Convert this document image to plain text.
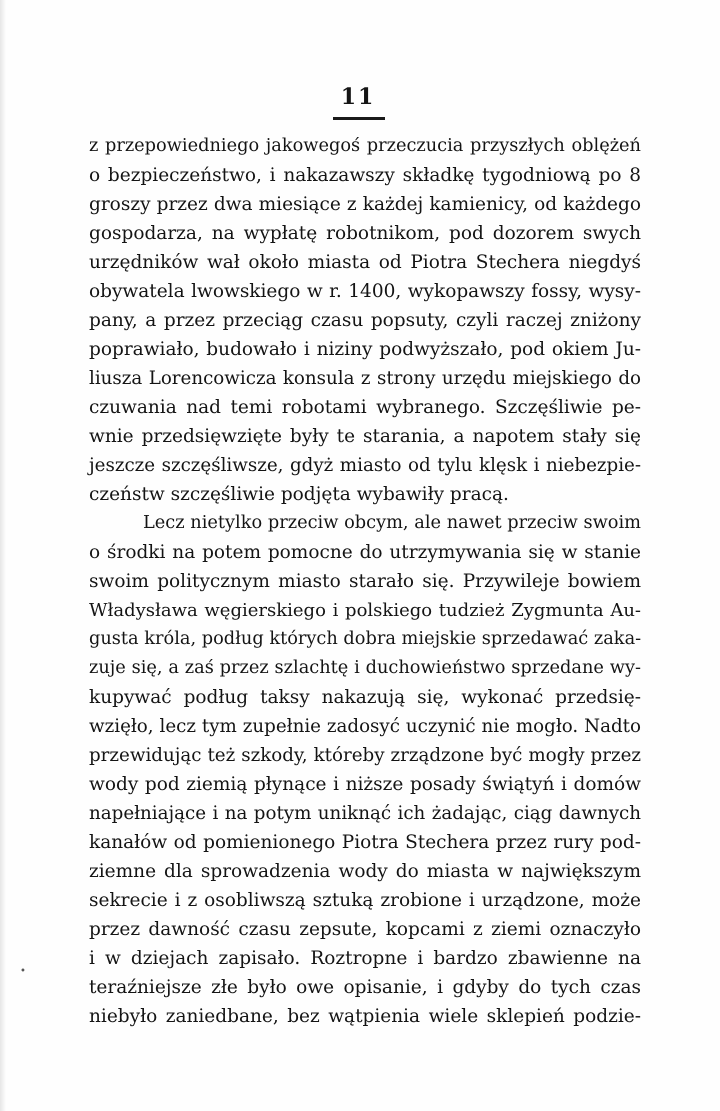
11
•
z przepowiedniego jakowegoś przeczucia przyszłych oblężeń
o bezpieczeństwo, i nakazawszy składkę tygodniową po 8
groszy przez dwa miesiące z każdej kamienicy, od każdego
gospodarza, na wypłatę robotnikom, pod dozorem swych
urzędników wał około miasta od Piotra Stechera niegdyś
obywatela lwowskiego w r. 1400, wykopawszy fossy, wysy-
pany, a przez przeciąg czasu popsuty, czyli raczej zniżony
poprawiało, budowało i niziny podwyższało, pod okiem Ju-
liusza Lorencowicza konsula z strony urzędu miejskiego do
czuwania nad temi robotami wybranego. Szczęśliwie pe-
wnie przedsięwzięte były te starania, a napotem stały się
jeszcze szczęśliwsze, gdyż miasto od tylu klęsk i niebezpie-
czeństw szczęśliwie podjęta wybawiły pracą.
Lecz nietylko przeciw obcym, ale nawet przeciw swoim
o środki na potem pomocne do utrzymywania się w stanie
swoim politycznym miasto starało się. Przywileje bowiem
Władysława węgierskiego i polskiego tudzież Zygmunta Au-
gusta króla, podług których dobra miejskie sprzedawać zaka-
zuje się, a zaś przez szlachtę i duchowieństwo sprzedane wy-
kupywać podług taksy nakazują się, wykonać przedsię-
wzięło, lecz tym zupełnie zadosyć uczynić nie mogło. Nadto
przewidując też szkody, któreby zrządzone być mogły przez
wody pod ziemią płynące i niższe posady świątyń i domów
napełniające i na potym uniknąć ich żadając, ciąg dawnych
kanałów od pomienionego Piotra Stechera przez rury pod-
ziemne dla sprowadzenia wody do miasta w największym
sekrecie i z osobliwszą sztuką zrobione i urządzone, może
przez dawność czasu zepsute, kopcami z ziemi oznaczyło
i w dziejach zapisało. Roztropne i bardzo zbawienne na
teraźniejsze złe było owe opisanie, i gdyby do tych czas
niebyło zaniedbane, bez wątpienia wiele sklepień podzie-
